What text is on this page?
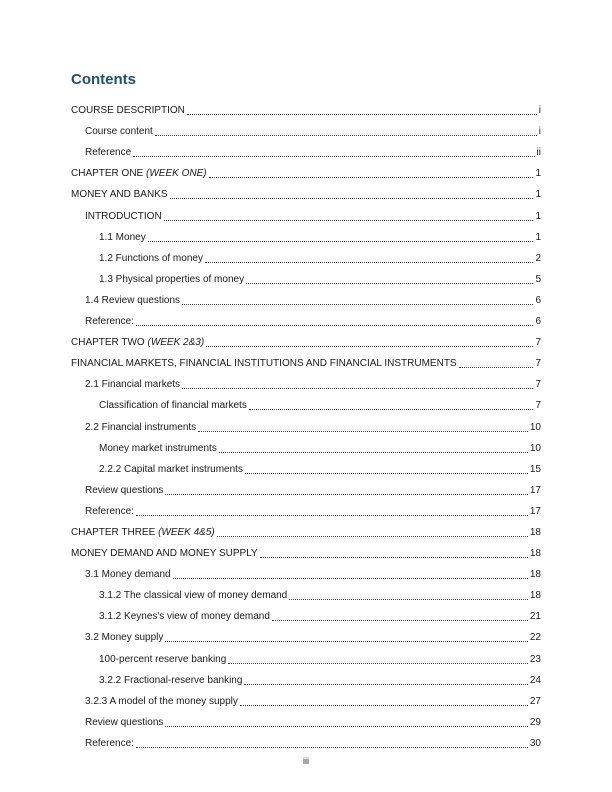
Contents
COURSE DESCRIPTION	i
Course content	i
Reference	ii
CHAPTER ONE (WEEK ONE)	1
MONEY AND BANKS	1
INTRODUCTION	1
1.1 Money	1
1.2 Functions of money	2
1.3 Physical properties of money	5
1.4 Review questions	6
Reference:	6
CHAPTER TWO (WEEK 2&3)	7
FINANCIAL MARKETS, FINANCIAL INSTITUTIONS AND FINANCIAL INSTRUMENTS	7
2.1 Financial markets	7
Classification of financial markets	7
2.2 Financial instruments	10
Money market instruments	10
2.2.2 Capital market instruments	15
Review questions	17
Reference:	17
CHAPTER THREE (WEEK 4&5)	18
MONEY DEMAND AND MONEY SUPPLY	18
3.1 Money demand	18
3.1.2 The classical view of money demand	18
3.1.2 Keynes's view of money demand	21
3.2 Money supply	22
100-percent reserve banking	23
3.2.2 Fractional-reserve banking	24
3.2.3 A model of the money supply	27
Review questions	29
Reference:	30
iii
